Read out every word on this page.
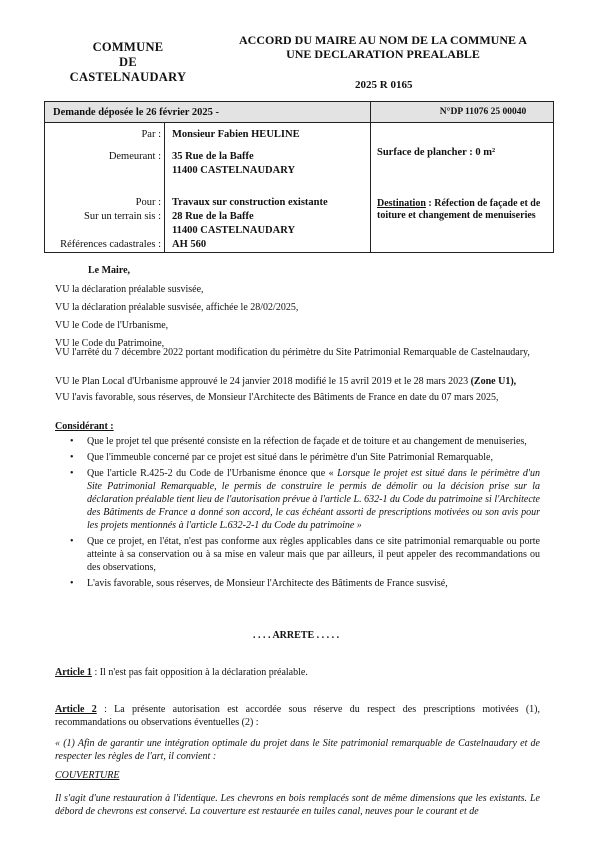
COMMUNE
DE
CASTELNAUDARY
ACCORD DU MAIRE AU NOM DE LA COMMUNE A
UNE DECLARATION PREALABLE
2025 R 0165
Demande déposée le 26 février 2025 -	N°DP 11076 25 00040
Par : Monsieur Fabien HEULINE
Demeurant : 35 Rue de la Baffe
11400 CASTELNAUDARY
Surface de plancher : 0 m²
Pour : Travaux sur construction existante
Sur un terrain sis : 28 Rue de la Baffe
11400 CASTELNAUDARY
Références cadastrales : AH 560
Destination : Réfection de façade et de toiture et changement de menuiseries
Le Maire,
VU la déclaration préalable susvisée,
VU la déclaration préalable susvisée, affichée le 28/02/2025,
VU le Code de l'Urbanisme,
VU le Code du Patrimoine,
VU l'arrêté du 7 décembre 2022 portant modification du périmètre du Site Patrimonial Remarquable de Castelnaudary,
VU le Plan Local d'Urbanisme approuvé le 24 janvier 2018 modifié le 15 avril 2019 et le 28 mars 2023 (Zone U1),
VU l'avis favorable, sous réserves, de Monsieur l'Architecte des Bâtiments de France en date du 07 mars 2025,
Considérant :
• Que le projet tel que présenté consiste en la réfection de façade et de toiture et au changement de menuiseries,
• Que l'immeuble concerné par ce projet est situé dans le périmètre d'un Site Patrimonial Remarquable,
• Que l'article R.425-2 du Code de l'Urbanisme énonce que « Lorsque le projet est situé dans le périmètre d'un Site Patrimonial Remarquable, le permis de construire le permis de démolir ou la décision prise sur la déclaration préalable tient lieu de l'autorisation prévue à l'article L. 632-1 du Code du patrimoine si l'Architecte des Bâtiments de France a donné son accord, le cas échéant assorti de prescriptions motivées ou son avis pour les projets mentionnés à l'article L.632-2-1 du Code du patrimoine »
• Que ce projet, en l'état, n'est pas conforme aux règles applicables dans ce site patrimonial remarquable ou porte atteinte à sa conservation ou à sa mise en valeur mais que par ailleurs, il peut appeler des recommandations ou des observations,
• L'avis favorable, sous réserves, de Monsieur l'Architecte des Bâtiments de France susvisé,
. . . . ARRETE . . . . .
Article 1 : Il n'est pas fait opposition à la déclaration préalable.
Article 2 : La présente autorisation est accordée sous réserve du respect des prescriptions motivées (1), recommandations ou observations éventuelles (2) :
« (1) Afin de garantir une intégration optimale du projet dans le Site patrimonial remarquable de Castelnaudary et de respecter les règles de l'art, il convient :
COUVERTURE
Il s'agit d'une restauration à l'identique. Les chevrons en bois remplacés sont de même dimensions que les existants. Le débord de chevrons est conservé. La couverture est restaurée en tuiles canal, neuves pour le courant et de
